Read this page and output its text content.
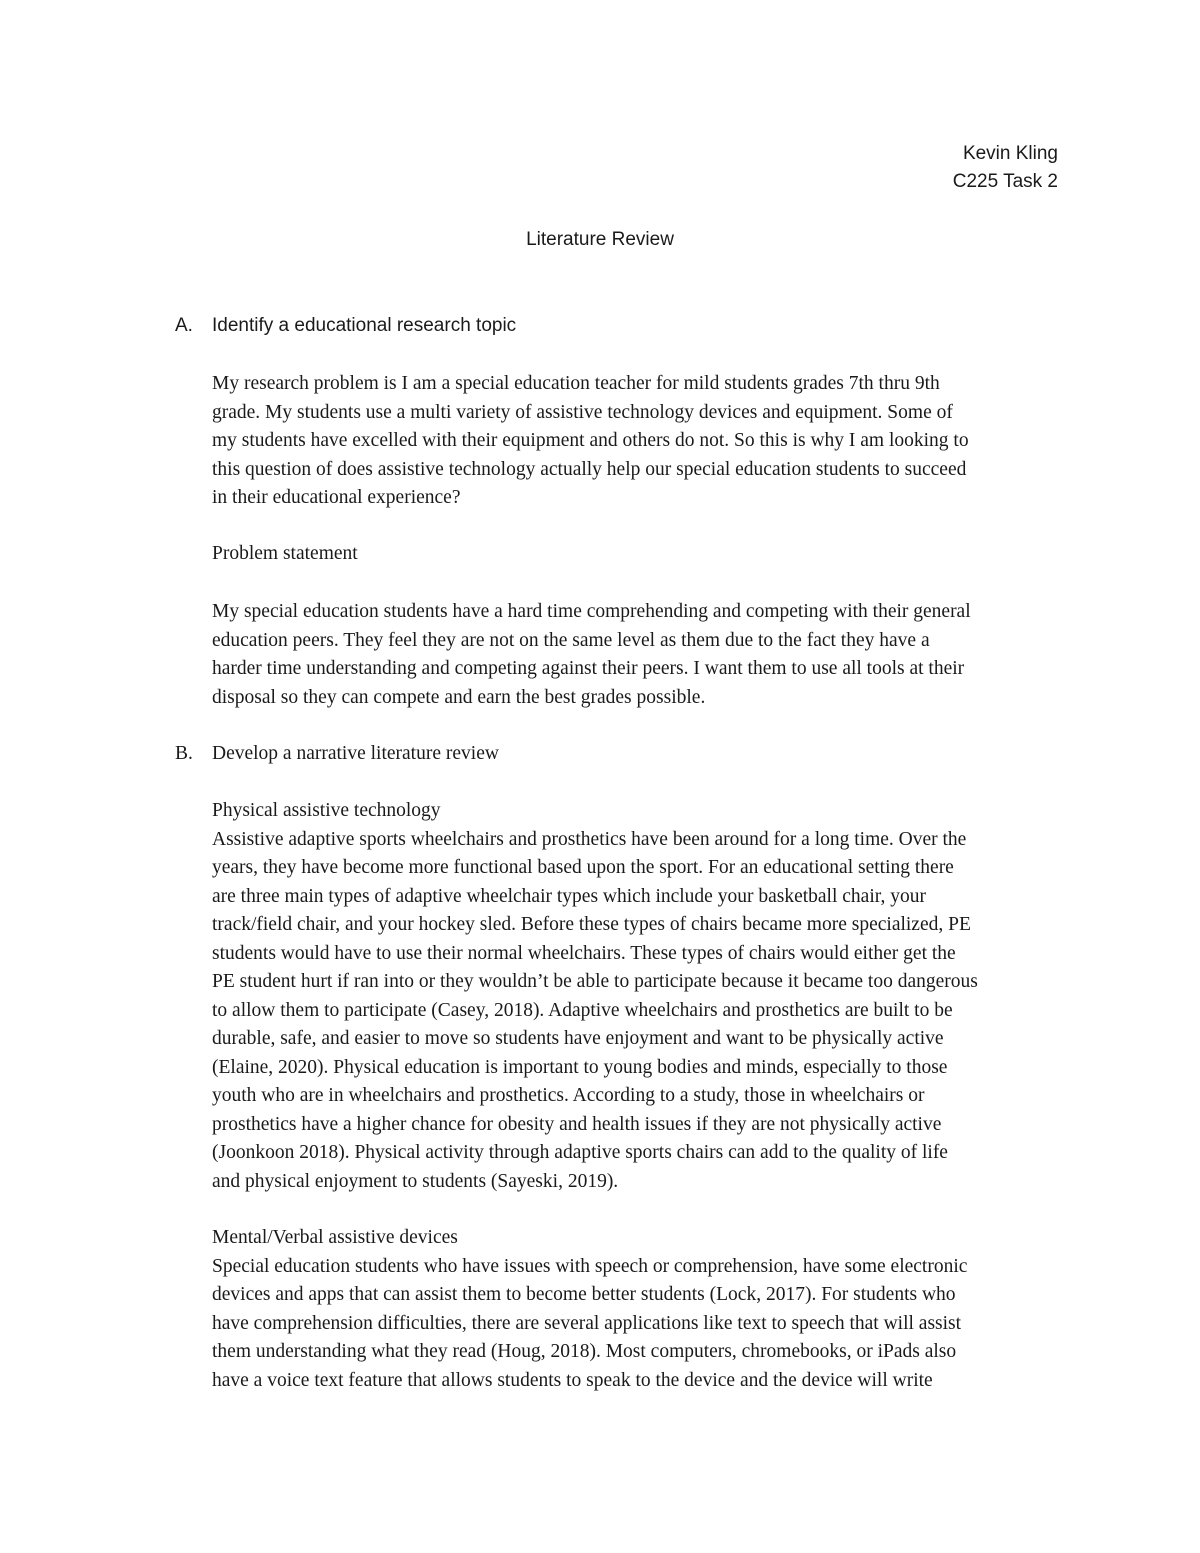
Kevin Kling
C225 Task 2
Literature Review
A. Identify a educational research topic
My research problem is I am a special education teacher for mild students grades 7th thru 9th
grade. My students use a multi variety of assistive technology devices and equipment. Some of
my students have excelled with their equipment and others do not. So this is why I am looking to
this question of does assistive technology actually help our special education students to succeed
in their educational experience?
Problem statement
My special education students have a hard time comprehending and competing with their general
education peers. They feel they are not on the same level as them due to the fact they have a
harder time understanding and competing against their peers. I want them to use all tools at their
disposal so they can compete and earn the best grades possible.
B. Develop a narrative literature review
Physical assistive technology
Assistive adaptive sports wheelchairs and prosthetics have been around for a long time. Over the
years, they have become more functional based upon the sport. For an educational setting there
are three main types of adaptive wheelchair types which include your basketball chair, your
track/field chair, and your hockey sled. Before these types of chairs became more specialized, PE
students would have to use their normal wheelchairs. These types of chairs would either get the
PE student hurt if ran into or they wouldn’t be able to participate because it became too dangerous
to allow them to participate (Casey, 2018). Adaptive wheelchairs and prosthetics are built to be
durable, safe, and easier to move so students have enjoyment and want to be physically active
(Elaine, 2020). Physical education is important to young bodies and minds, especially to those
youth who are in wheelchairs and prosthetics. According to a study, those in wheelchairs or
prosthetics have a higher chance for obesity and health issues if they are not physically active
(Joonkoon 2018). Physical activity through adaptive sports chairs can add to the quality of life
and physical enjoyment to students (Sayeski, 2019).
Mental/Verbal assistive devices
Special education students who have issues with speech or comprehension, have some electronic
devices and apps that can assist them to become better students (Lock, 2017). For students who
have comprehension difficulties, there are several applications like text to speech that will assist
them understanding what they read (Houg, 2018). Most computers, chromebooks, or iPads also
have a voice text feature that allows students to speak to the device and the device will write
